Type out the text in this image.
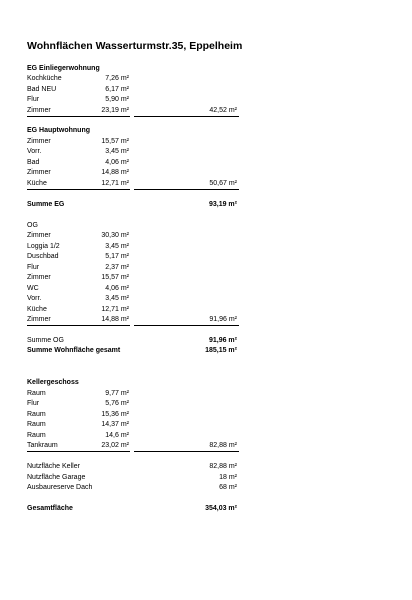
Wohnflächen Wasserturmstr.35, Eppelheim
EG Einliegerwohnung
Kochküche	7,26 m²
Bad NEU	6,17 m²
Flur	5,90 m²
Zimmer	23,19 m²	42,52 m²
EG Hauptwohnung
Zimmer	15,57 m²
Vorr.	3,45 m²
Bad	4,06 m²
Zimmer	14,88 m²
Küche	12,71 m²	50,67 m²
Summe EG	93,19 m²
OG
Zimmer	30,30 m²
Loggia 1/2	3,45 m²
Duschbad	5,17 m²
Flur	2,37 m²
Zimmer	15,57 m²
WC	4,06 m²
Vorr.	3,45 m²
Küche	12,71 m²
Zimmer	14,88 m²	91,96 m²
Summe OG	91,96 m²
Summe Wohnfläche gesamt	185,15 m²
Kellergeschoss
Raum	9,77 m²
Flur	5,76 m²
Raum	15,36 m²
Raum	14,37 m²
Raum	14,6 m²
Tankraum	23,02 m²	82,88 m²
Nutzfläche Keller	82,88 m²
Nutzfläche Garage	18 m²
Ausbaureserve Dach	68 m²
Gesamtfläche	354,03 m²
